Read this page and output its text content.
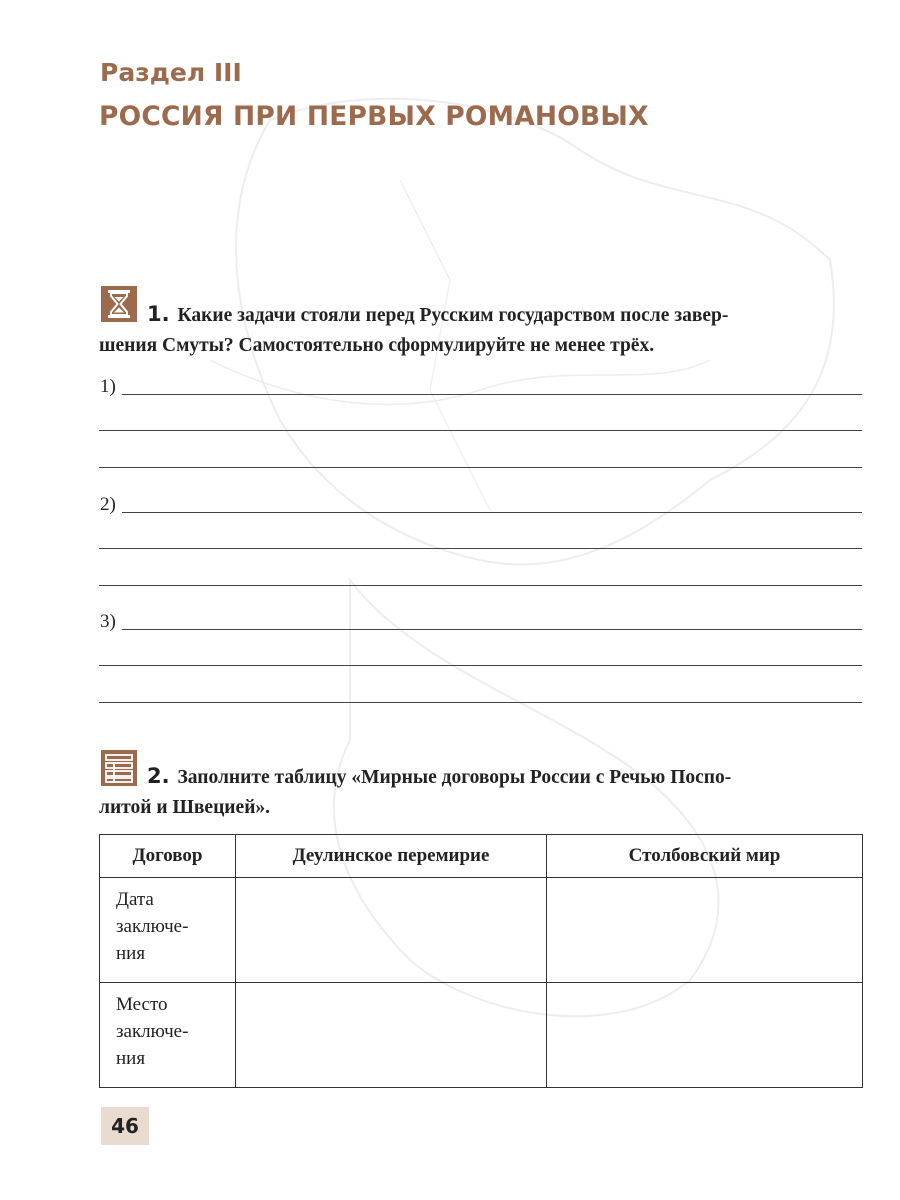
Раздел III
РОССИЯ ПРИ ПЕРВЫХ РОМАНОВЫХ
1. Какие задачи стояли перед Русским государством после завер-
шения Смуты? Самостоятельно сформулируйте не менее трёх.
1)
2)
3)
2. Заполните таблицу «Мирные договоры России с Речью Поспо-
литой и Швецией».
Договор	Деулинское перемирие	Столбовский мир

Дата
заключе-
ния		

Место
заключе-
ния		

46
